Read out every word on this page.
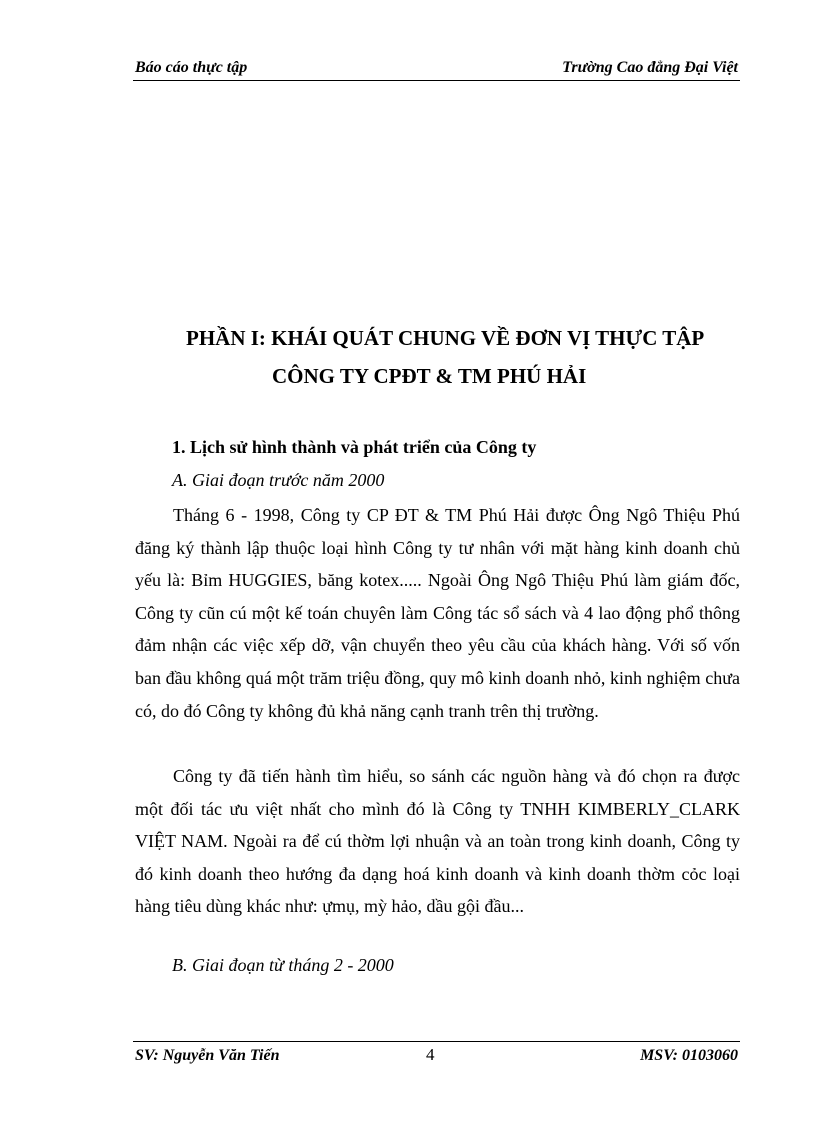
Báo cáo thực tập	Trường Cao đẳng Đại Việt
PHẦN I: KHÁI QUÁT CHUNG VỀ ĐƠN VỊ THỰC TẬP
CÔNG TY CPĐT & TM PHÚ HẢI
1. Lịch sử hình thành và phát triển của Công ty
A. Giai đoạn trước năm 2000

Tháng 6 - 1998, Công ty CP ĐT & TM Phú Hải được Ông Ngô Thiệu Phú đăng ký thành lập thuộc loại hình Công ty tư nhân với mặt hàng kinh doanh chủ yếu là: Bỉm HUGGIES, băng kotex..... Ngoài Ông Ngô Thiệu Phú làm giám đốc, Công ty cũn cú một kế toán chuyên làm Công tác sổ sách và 4 lao động phổ thông đảm nhận các việc xếp dỡ, vận chuyển theo yêu cầu của khách hàng. Với số vốn ban đầu không quá một trăm triệu đồng, quy mô kinh doanh nhỏ, kinh nghiệm chưa có, do đó Công ty không đủ khả năng cạnh tranh trên thị trường.

Công ty đã tiến hành tìm hiểu, so sánh các nguồn hàng và đó chọn ra được một đối tác ưu việt nhất cho mình đó là Công ty TNHH KIMBERLY_CLARK VIỆT NAM. Ngoài ra để cú thờm lợi nhuận và an toàn trong kinh doanh, Công ty đó kinh doanh theo hướng đa dạng hoá kinh doanh và kinh doanh thờm cỏc loại hàng tiêu dùng khác như: ựmụ, mỳ hảo, dầu gội đầu...

B. Giai đoạn từ tháng 2 - 2000
SV: Nguyễn Văn Tiến	4	MSV: 0103060
